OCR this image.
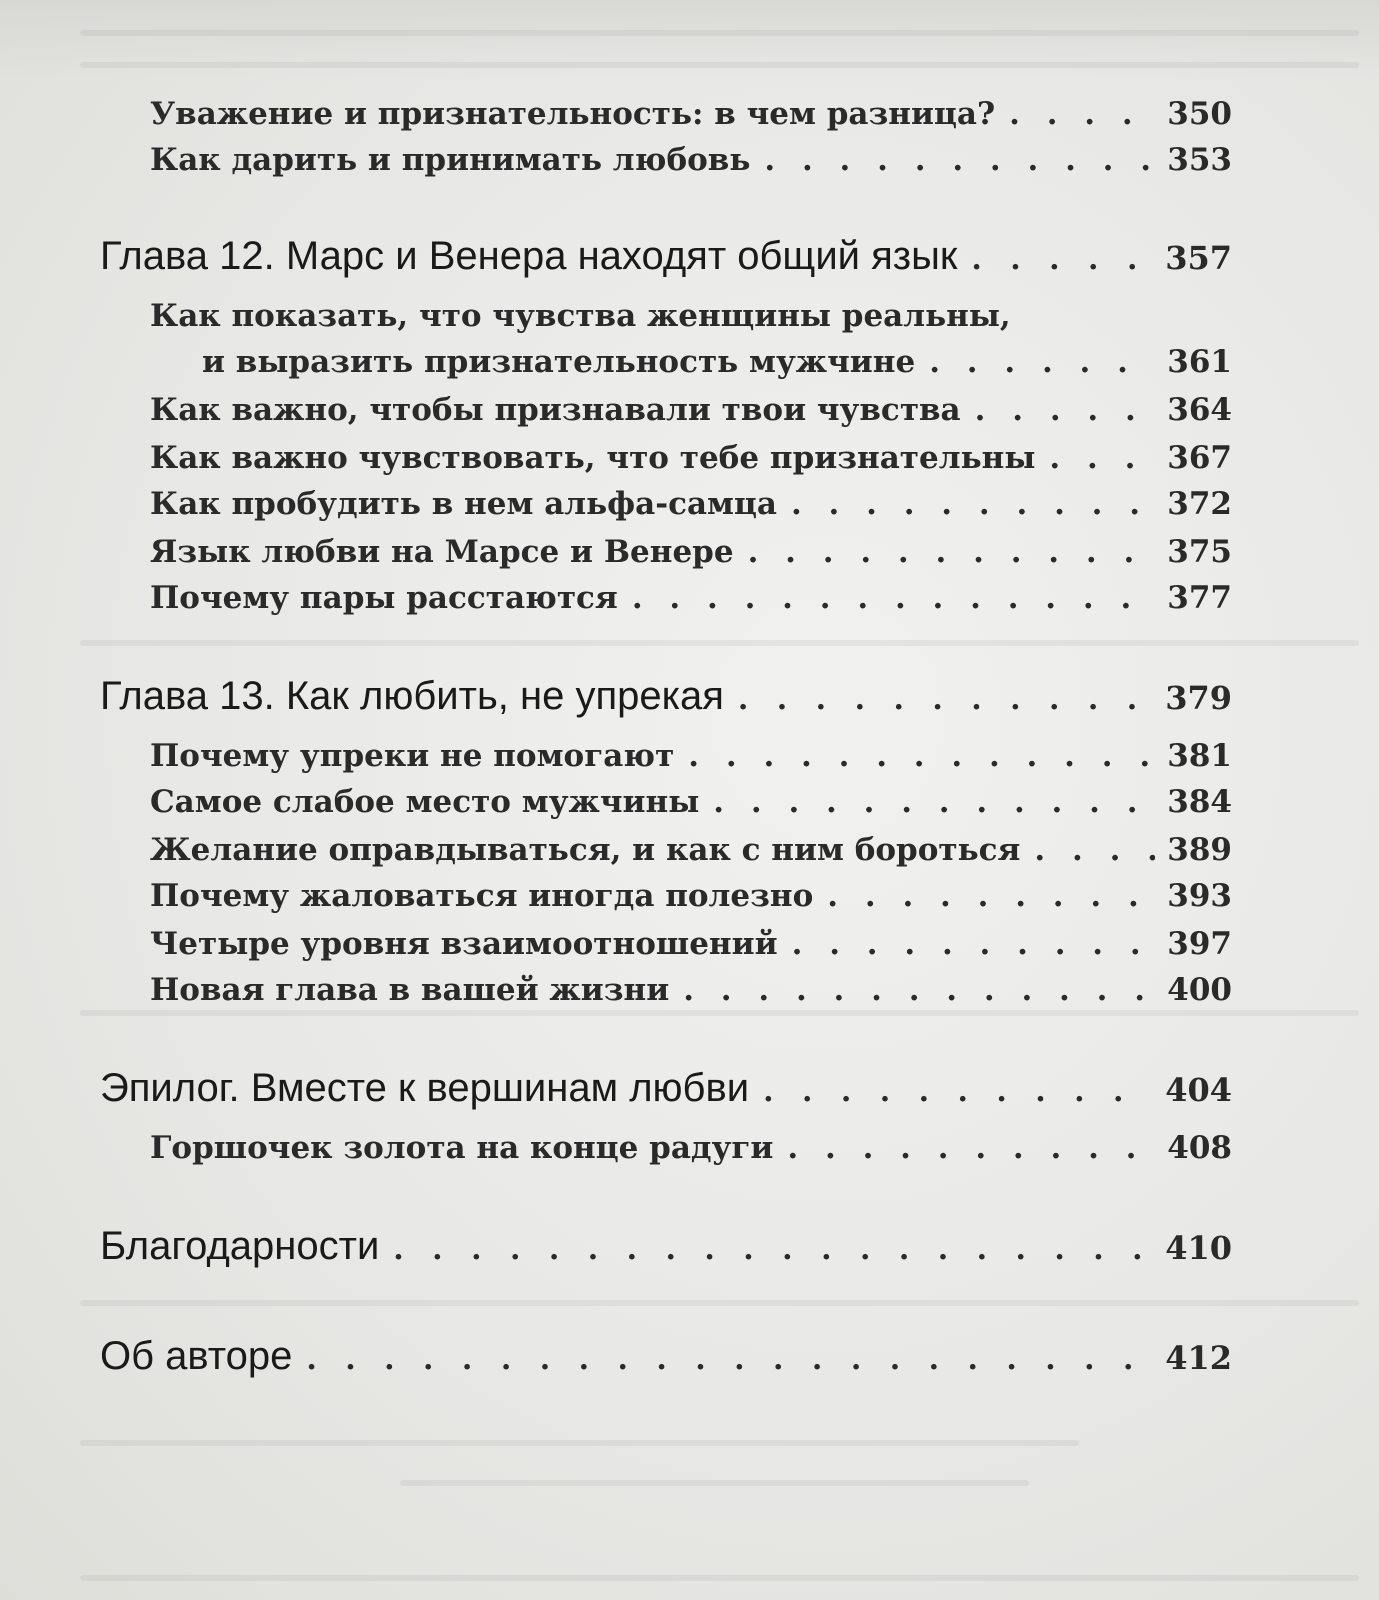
Уважение и признательность: в чем разница? . . .	350
Как дарить и принимать любовь . . .	353
Глава 12. Марс и Венера находят общий язык . . .	357
Как показать, что чувства женщины реальны,
и выразить признательность мужчине . . .	361
Как важно, чтобы признавали твои чувства . . .	364
Как важно чувствовать, что тебе признательны . . .	367
Как пробудить в нем альфа-самца . . .	372
Язык любви на Марсе и Венере . . .	375
Почему пары расстаются . . .	377
Глава 13. Как любить, не упрекая . . .	379
Почему упреки не помогают . . .	381
Самое слабое место мужчины . . .	384
Желание оправдываться, и как с ним бороться . . .	389
Почему жаловаться иногда полезно . . .	393
Четыре уровня взаимоотношений . . .	397
Новая глава в вашей жизни . . .	400
Эпилог. Вместе к вершинам любви . . .	404
Горшочек золота на конце радуги . . .	408
Благодарности . . .	410
Об авторе . . .	412
